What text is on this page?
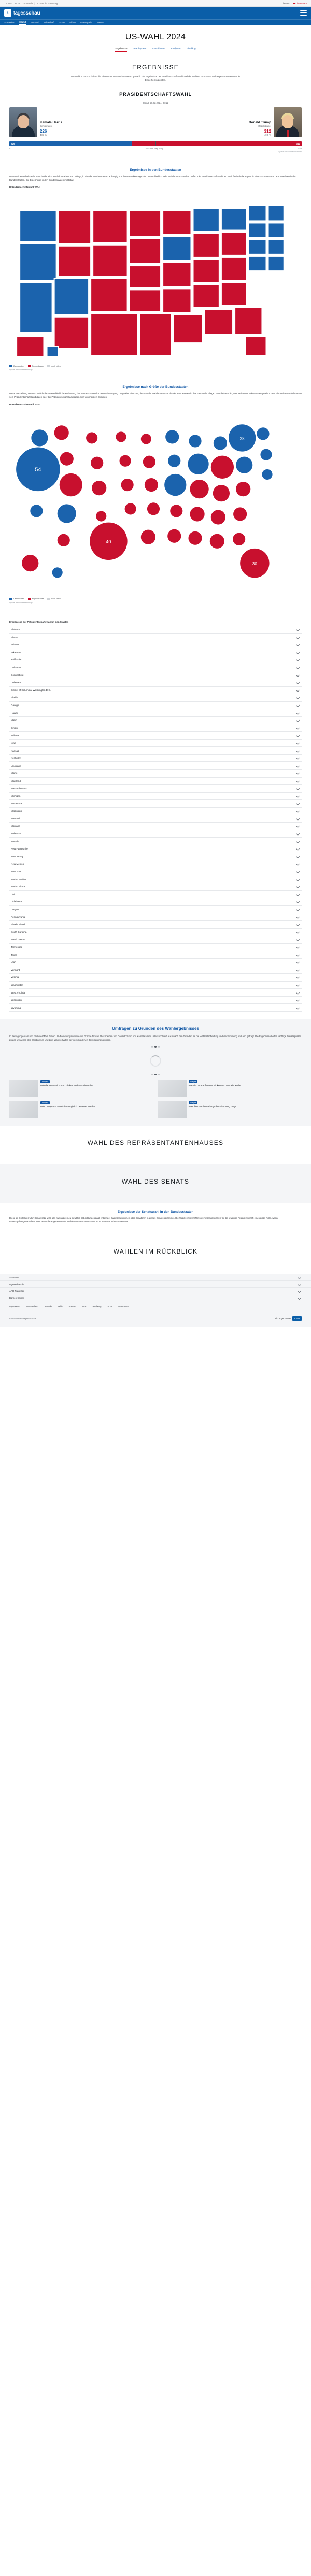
12. März 2024 | 14:48 Uhr | 12 Grad in Hamburg	Themen	Livestream
t tagesschau
Startseite Inland Ausland Wirtschaft Sport Video Investigativ Wetter
US-WAHL 2024
Ergebnisse	Wahlsystem	Kandidaten	Analysen	Liveblog
ERGEBNISSE

US-Wahl 2024 – Schalten die Einwohner US-Bundesstaaten gewählt. Die Ergebnisse der Präsidentschaftswahl und der Wahlen zum Senat und Repräsentantenhaus in Einzelheiten zeigten.

PRÄSIDENTSCHAFTSWAHL
Stand: 20.02.2024, 08:11
Kamala Harris
Demokraten
226
48,3 %
Donald Trump
Republikaner
312
49,9 %
226	312
0	270 zum Sieg nötig	538
Quelle: ARD/Infratest dimap
Ergebnisse in den Bundesstaaten

Der Präsidentschaftswahl entscheidet sich letztlich an Electoral College, in das die Bundesstaaten abhängig von ihrer Bevölkerungszahl unterschiedlich viele Wahlleute entsenden dürfen. Die Präsidentschaftswahl ist damit faktisch die Ergebnis einer Summe von 51 Einzelwahlen in den Bundesstaaten. Die Ergebnisse in den Bundesstaaten im Detail.

Präsidentschaftswahl 2024
Demokraten	Republikaner	noch offen
Quelle: ARD/Infratest dimap
Ergebnisse nach Größe der Bundesstaaten

Diese Darstellung veranschaulicht die unterschiedliche Bedeutung der Bundesstaaten für den Wahlausgang. Je größer ein Kreis, desto mehr Wahlleute entsendet der Bundesstaat in das Electoral College. Entscheidend ist, wer meisten Bundesstaaten gewinnt: Wer die meisten Wahlleute an sein Präsidentschaftskandidaten oder bei Präsidentschaftskandidaten sich von meisten Stimmen.

Präsidentschaftswahl 2024
54
40
28
30
Demokraten	Republikaner	noch offen
Quelle: ARD/Infratest dimap
Ergebnisse der Präsidentschaftswahl in den Staaten
Alabama
Alaska
Arizona
Arkansas
Kalifornien
Colorado
Connecticut
Delaware
District of Columbia, Washington D.C.
Florida
Georgia
Hawaii
Idaho
Illinois
Indiana
Iowa
Kansas
Kentucky
Louisiana
Maine
Maryland
Massachusetts
Michigan
Minnesota
Mississippi
Missouri
Montana
Nebraska
Nevada
New Hampshire
New Jersey
New Mexico
New York
North Carolina
North Dakota
Ohio
Oklahoma
Oregon
Pennsylvania
Rhode Island
South Carolina
South Dakota
Tennessee
Texas
Utah
Vermont
Virginia
Washington
West Virginia
Wisconsin
Wyoming
Umfragen zu Gründen des Wahlergebnisses

In Befragungen am und nach der Wahl haben US-Forschungsinstitute die Gründe für das Abschneiden von Donald Trump und Kamala Harris untersucht und auch nach den Gründen für die Wahlentscheidung und die Stimmung im Land gefragt. Die Ergebnisse helfen wichtige Anhaltspunkte zu den Ursachen des Ergebnisses und zum Wahlverhalten der verschiedenen Bevölkerungsgruppen.

Analyse
Wie die USA auf Trump blicken und was sie wollte
Analyse
Wie die USA auf Harris blicken und was sie wollte
Analyse
Wie Trump und Harris im Vergleich bewertet werden
Analyse
Was die USA heute längt die Stimmung prägt
WAHL DES REPRÄSENTANTENHAUSES
WAHL DES SENATS
Ergebnisse der Senatswahl in den Bundesstaaten

Diese im Drittel der USA Senatssitze wird alle zwei Jahre neu gewählt, dabei Bundesstaat entsendet zwei Senatorinnen oder Senatoren in dieses Kongresskammer. Die Wahlrechtsverhältnisse im Senat spiralen für die jeweilige Präsidentschaft eine große Rolle, wenn Gesetzgebungsvorhaben. Wer setzte die Ergebnisse der Wahlen um den Senatssitze 2024 in den Bundesstaaten aus.

WAHLEN IM RÜCKBLICK
Startseite
tagesschau.de
ARD Ratgeber
Barrierefreiheit
Impressum	Datenschutz	Kontakt	Hilfe	Presse	Jobs	Werbung	AGB	Newsletter
© ARD-aktuell / tagesschau.de	Ein Angebot von	ARD
